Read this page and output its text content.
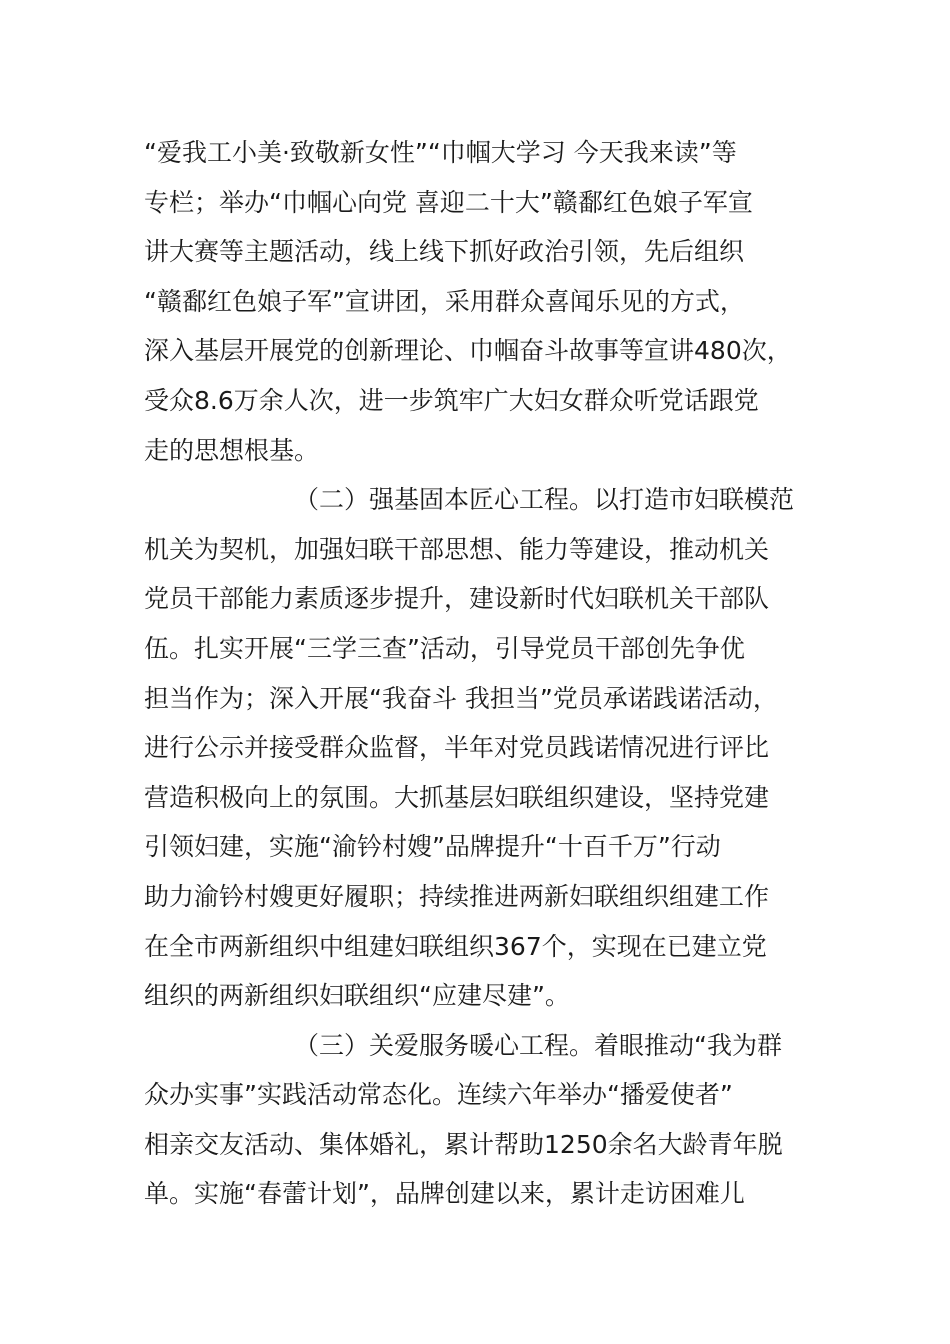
“爱我工小美·致敬新女性”“巾帼大学习 今天我来读”等
专栏；举办“巾帼心向党 喜迎二十大”赣鄱红色娘子军宣
讲大赛等主题活动，线上线下抓好政治引领，先后组织
“赣鄱红色娘子军”宣讲团，采用群众喜闻乐见的方式，
深入基层开展党的创新理论、巾帼奋斗故事等宣讲480次，
受众8.6万余人次，进一步筑牢广大妇女群众听党话跟党
走的思想根基。
（二）强基固本匠心工程。以打造市妇联模范
机关为契机，加强妇联干部思想、能力等建设，推动机关
党员干部能力素质逐步提升，建设新时代妇联机关干部队
伍。扎实开展“三学三查”活动，引导党员干部创先争优
担当作为；深入开展“我奋斗 我担当”党员承诺践诺活动，
进行公示并接受群众监督，半年对党员践诺情况进行评比
营造积极向上的氛围。大抓基层妇联组织建设，坚持党建
引领妇建，实施“渝钤村嫂”品牌提升“十百千万”行动
助力渝钤村嫂更好履职；持续推进两新妇联组织组建工作
在全市两新组织中组建妇联组织367个，实现在已建立党
组织的两新组织妇联组织“应建尽建”。
（三）关爱服务暖心工程。着眼推动“我为群
众办实事”实践活动常态化。连续六年举办“播爱使者”
相亲交友活动、集体婚礼，累计帮助1250余名大龄青年脱
单。实施“春蕾计划”，品牌创建以来，累计走访困难儿
